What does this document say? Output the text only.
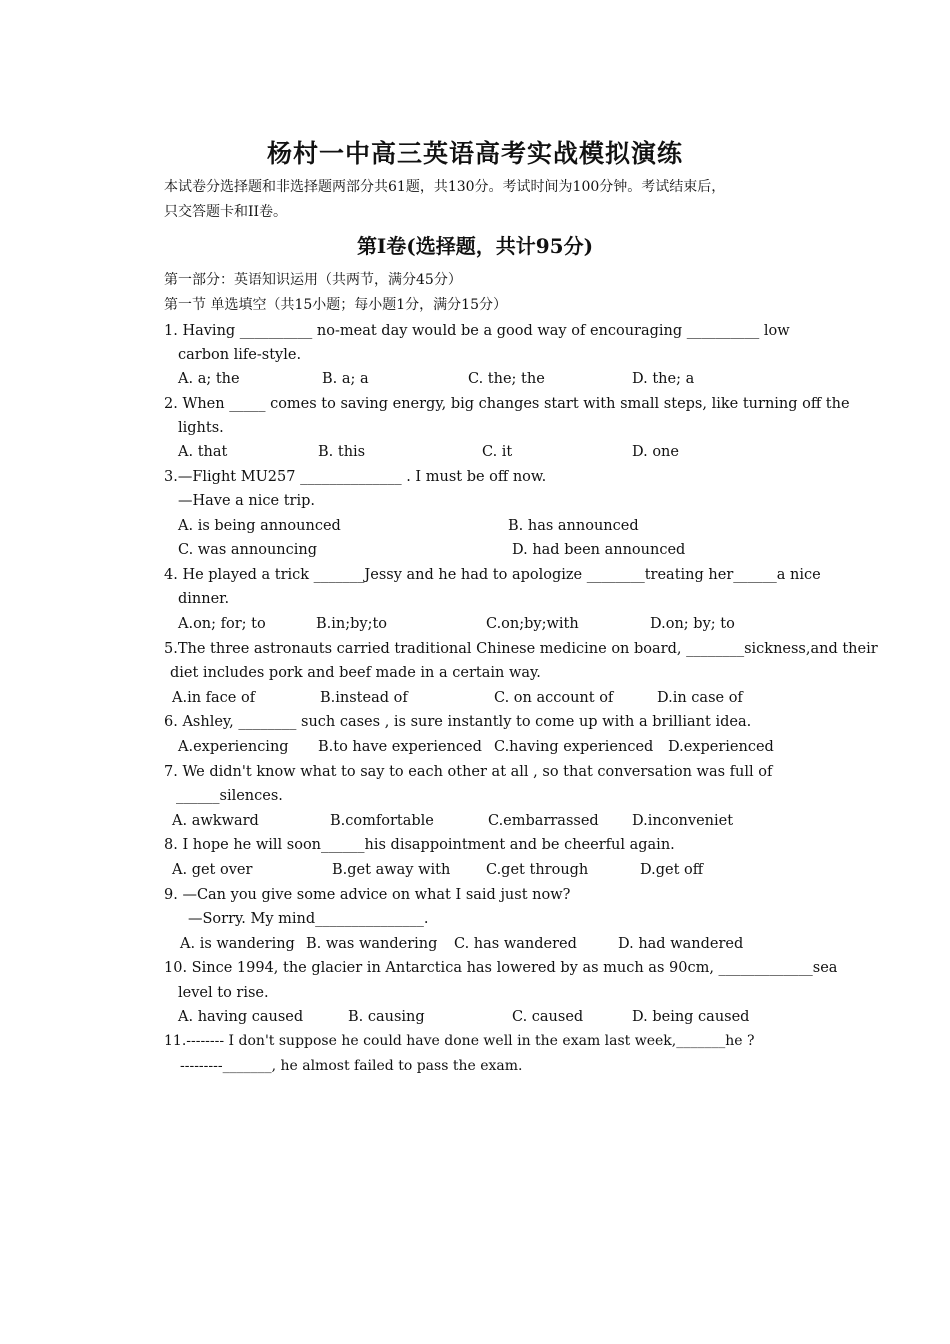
杨村一中高三英语高考实战模拟演练
本试卷分选择题和非选择题两部分共61题，共130分。考试时间为100分钟。考试结束后，
只交答题卡和II卷。
第Ⅰ卷(选择题，共计95分)
第一部分：英语知识运用（共两节，满分45分）
第一节 单选填空（共15小题；每小题1分，满分15分）
1. Having __________ no-meat day would be a good way of encouraging __________ low
carbon life-style.
A. a; the	B. a; a	C. the; the	D. the; a
2. When _____ comes to saving energy, big changes start with small steps, like turning off the
lights.
A. that	B. this	C. it	D. one
3.—Flight MU257 ______________ . I must be off now.
—Have a nice trip.
A. is being announced	B. has announced
C. was announcing	D. had been announced
4. He played a trick _______Jessy and he had to apologize ________treating her______a nice
dinner.
A.on; for; to	B.in;by;to	C.on;by;with	D.on; by; to
5.The three astronauts carried traditional Chinese medicine on board, ________sickness,and their
diet includes pork and beef made in a certain way.
A.in face of	B.instead of	C. on account of	D.in case of
6. Ashley, ________ such cases , is sure instantly to come up with a brilliant idea.
A.experiencing B.to have experienced C.having experienced D.experienced
7. We didn't know what to say to each other at all , so that conversation was full of
______silences.
A. awkward	B.comfortable	C.embarrassed D.inconveniet
8. I hope he will soon______his disappointment and be cheerful again.
A. get over	B.get away with C.get through	D.get off
9. —Can you give some advice on what I said just now?
—Sorry. My mind_______________.
A. is wandering B. was wandering C. has wandered	D. had wandered
10. Since 1994, the glacier in Antarctica has lowered by as much as 90cm, _____________sea
level to rise.
A. having caused	B. causing	C. caused	D. being caused
11.-------- I don't suppose he could have done well in the exam last week,_______he ?
---------_______, he almost failed to pass the exam.
